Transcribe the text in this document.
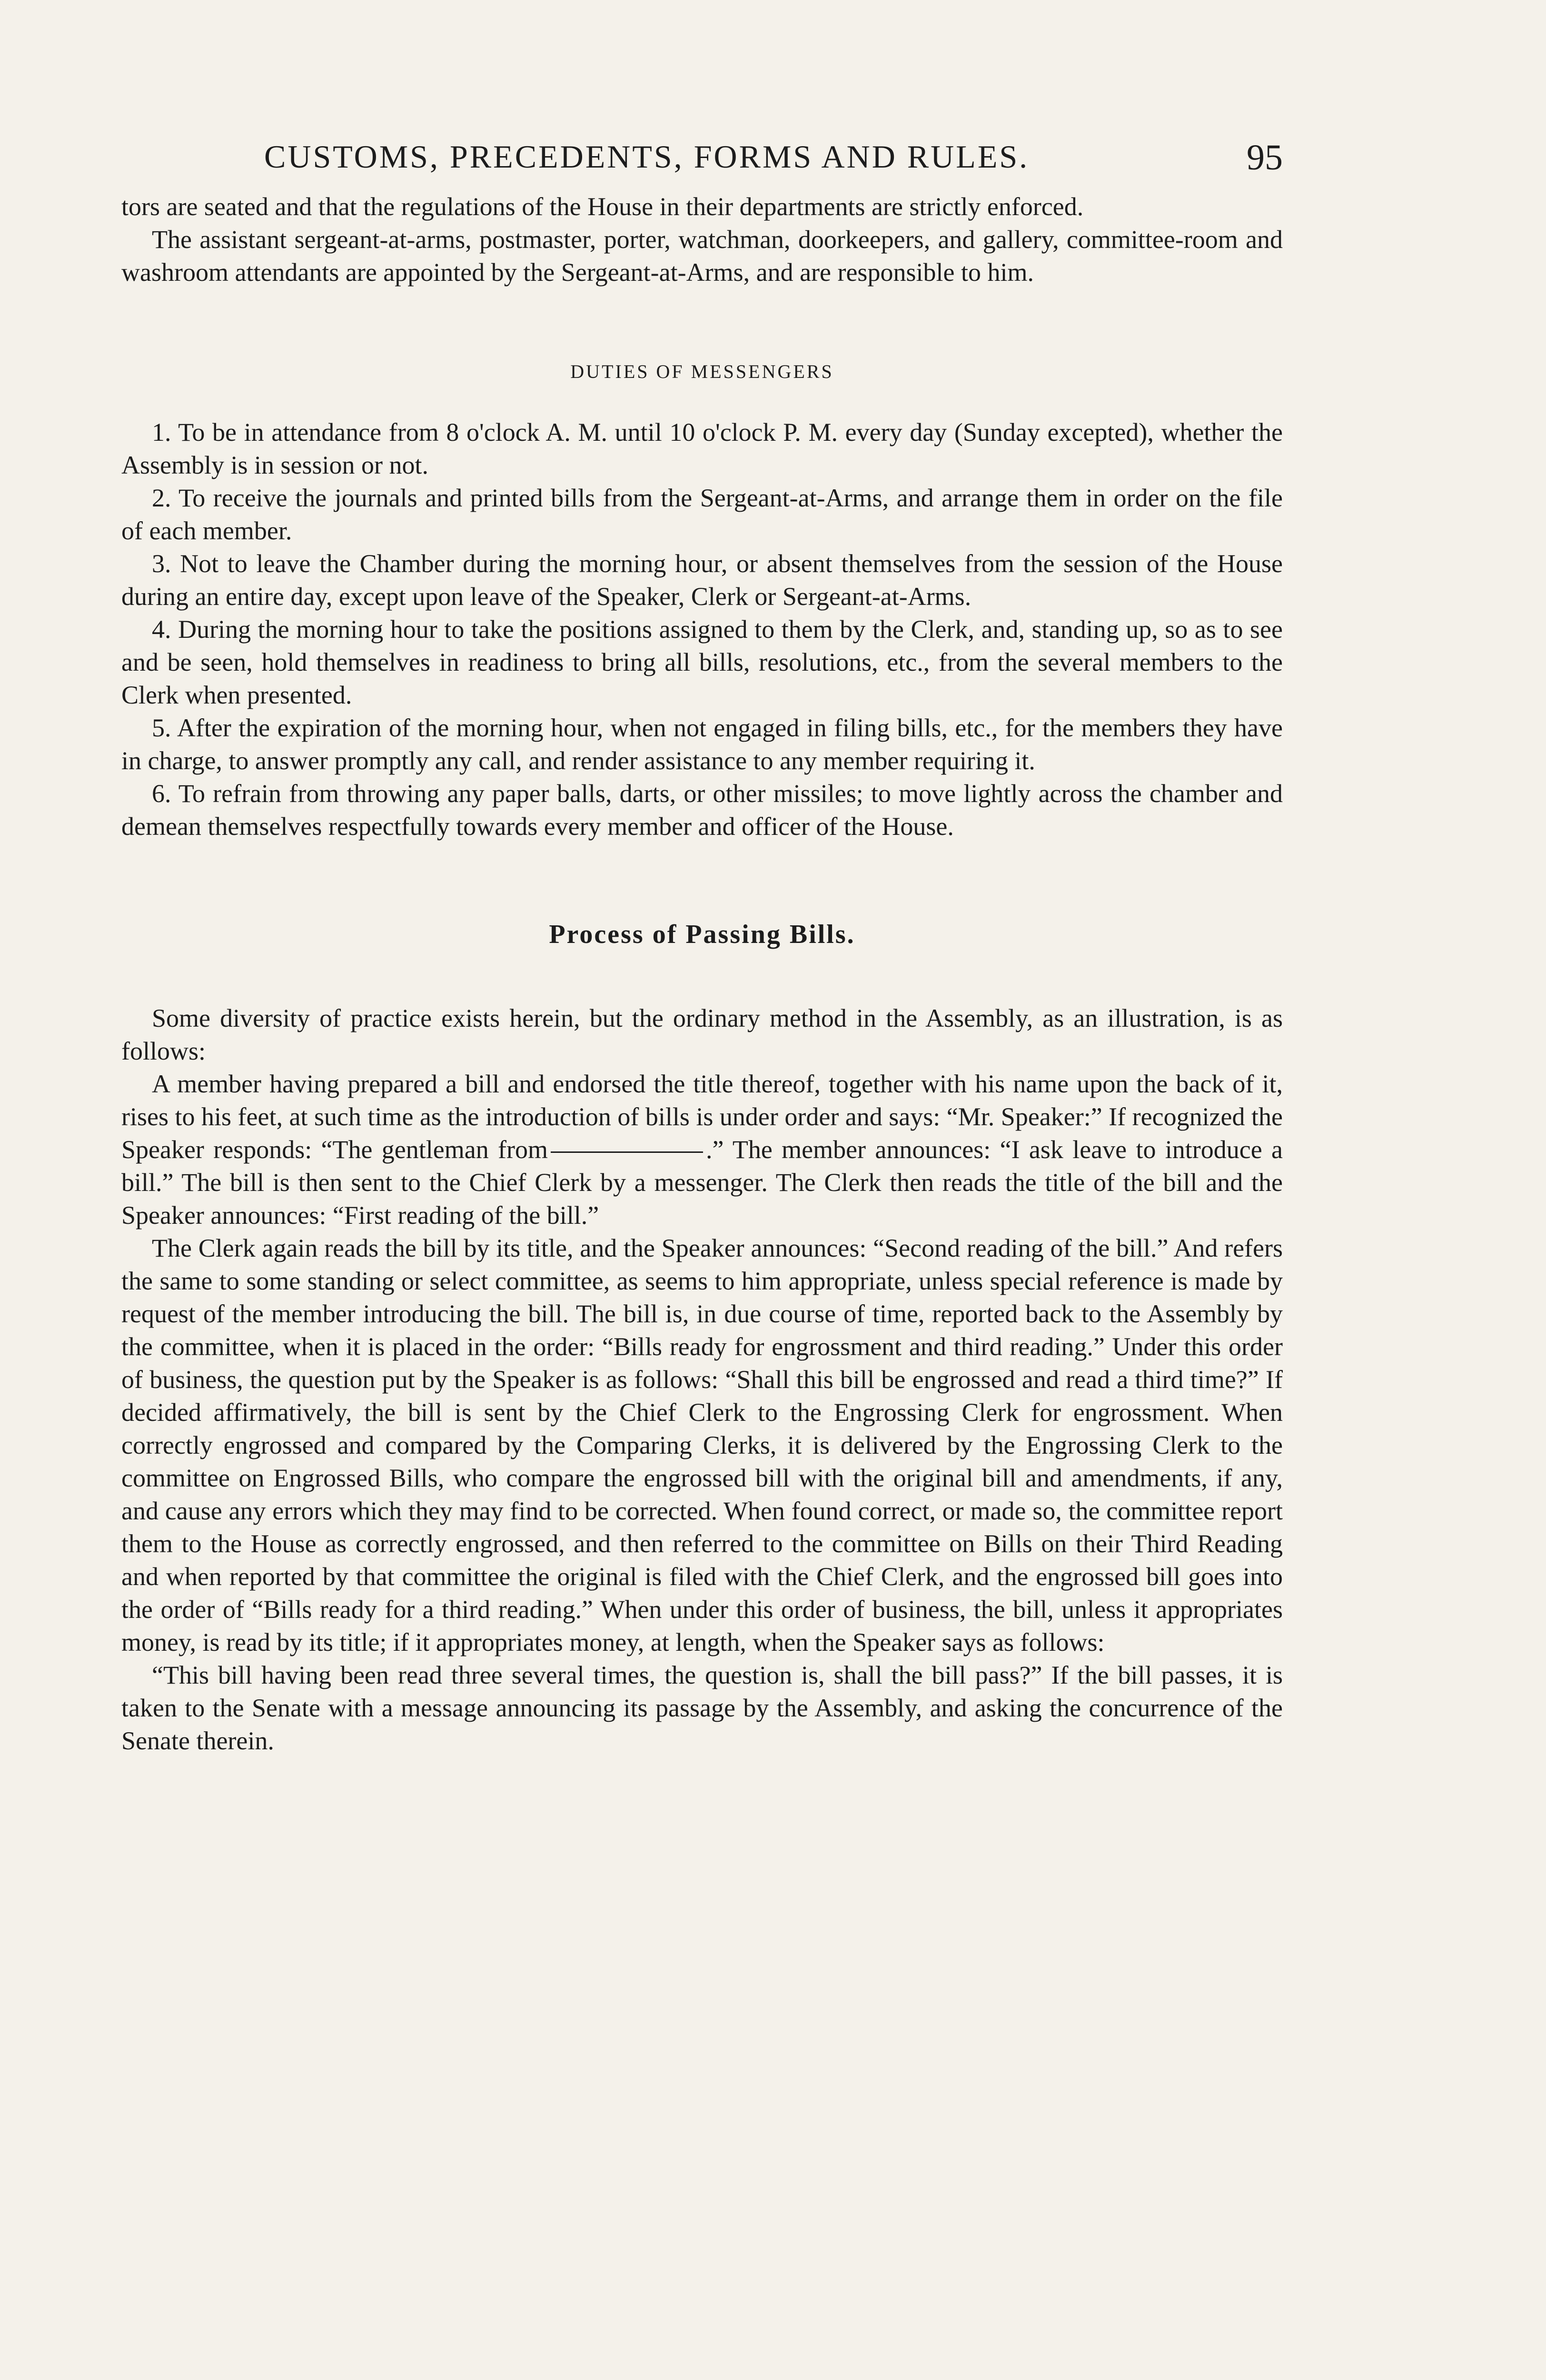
CUSTOMS, PRECEDENTS, FORMS AND RULES.	95

tors are seated and that the regulations of the House in their departments are strictly enforced.

The assistant sergeant-at-arms, postmaster, porter, watchman, doorkeepers, and gallery, committee-room and washroom attendants are appointed by the Sergeant-at-Arms, and are responsible to him.

DUTIES OF MESSENGERS

1. To be in attendance from 8 o'clock A. M. until 10 o'clock P. M. every day (Sunday excepted), whether the Assembly is in session or not.

2. To receive the journals and printed bills from the Sergeant-at-Arms, and arrange them in order on the file of each member.

3. Not to leave the Chamber during the morning hour, or absent themselves from the session of the House during an entire day, except upon leave of the Speaker, Clerk or Sergeant-at-Arms.

4. During the morning hour to take the positions assigned to them by the Clerk, and, standing up, so as to see and be seen, hold themselves in readiness to bring all bills, resolutions, etc., from the several members to the Clerk when presented.

5. After the expiration of the morning hour, when not engaged in filing bills, etc., for the members they have in charge, to answer promptly any call, and render assistance to any member requiring it.

6. To refrain from throwing any paper balls, darts, or other missiles; to move lightly across the chamber and demean themselves respectfully towards every member and officer of the House.

Process of Passing Bills.

Some diversity of practice exists herein, but the ordinary method in the Assembly, as an illustration, is as follows:

A member having prepared a bill and endorsed the title thereof, together with his name upon the back of it, rises to his feet, at such time as the introduction of bills is under order and says: “Mr. Speaker:” If recognized the Speaker responds: “The gentleman from	.” The member announces: “I ask leave to introduce a bill.” The bill is then sent to the Chief Clerk by a messenger. The Clerk then reads the title of the bill and the Speaker announces: “First reading of the bill.”

The Clerk again reads the bill by its title, and the Speaker announces: “Second reading of the bill.” And refers the same to some standing or select committee, as seems to him appropriate, unless special reference is made by request of the member introducing the bill. The bill is, in due course of time, reported back to the Assembly by the committee, when it is placed in the order: “Bills ready for engrossment and third reading.” Under this order of business, the question put by the Speaker is as follows: “Shall this bill be engrossed and read a third time?” If decided affirmatively, the bill is sent by the Chief Clerk to the Engrossing Clerk for engrossment. When correctly engrossed and compared by the Comparing Clerks, it is delivered by the Engrossing Clerk to the committee on Engrossed Bills, who compare the engrossed bill with the original bill and amendments, if any, and cause any errors which they may find to be corrected. When found correct, or made so, the committee report them to the House as correctly engrossed, and then referred to the committee on Bills on their Third Reading and when reported by that committee the original is filed with the Chief Clerk, and the engrossed bill goes into the order of “Bills ready for a third reading.” When under this order of business, the bill, unless it appropriates money, is read by its title; if it appropriates money, at length, when the Speaker says as follows:

“This bill having been read three several times, the question is, shall the bill pass?” If the bill passes, it is taken to the Senate with a message announcing its passage by the Assembly, and asking the concurrence of the Senate therein.
